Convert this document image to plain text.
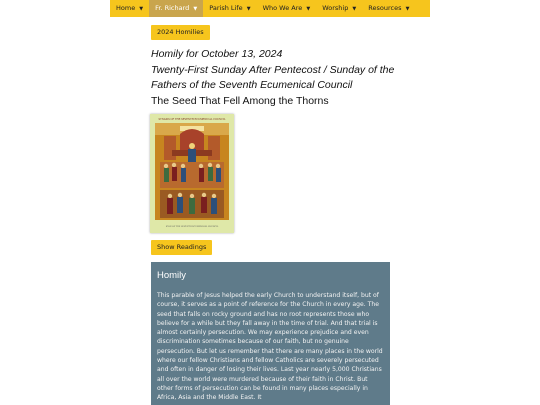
Home ▼	Fr. Richard ▼	Parish Life ▼	Who We Are ▼	Worship ▼	Resources ▼
2024 Homilies
Homily for October 13, 2024
Twenty-First Sunday After Pentecost / Sunday of the Fathers of the Seventh Ecumenical Council
The Seed That Fell Among the Thorns
SYNAXIS OF THE SEVENTH ECUMENICAL COUNCIL
ICON OF THE SEVENTH ECUMENICAL COUNCIL
Show Readings
Homily
This parable of Jesus helped the early Church to understand itself, but of course, it serves as a point of reference for the Church in every age. The seed that falls on rocky ground and has no root represents those who believe for a while but they fall away in the time of trial. And that trial is almost certainly persecution. We may experience prejudice and even discrimination sometimes because of our faith, but no genuine persecution. But let us remember that there are many places in the world where our fellow Christians and fellow Catholics are severely persecuted and often in danger of losing their lives. Last year nearly 5,000 Christians all over the world were murdered because of their faith in Christ. But other forms of persecution can be found in many places especially in Africa, Asia and the Middle East. It
